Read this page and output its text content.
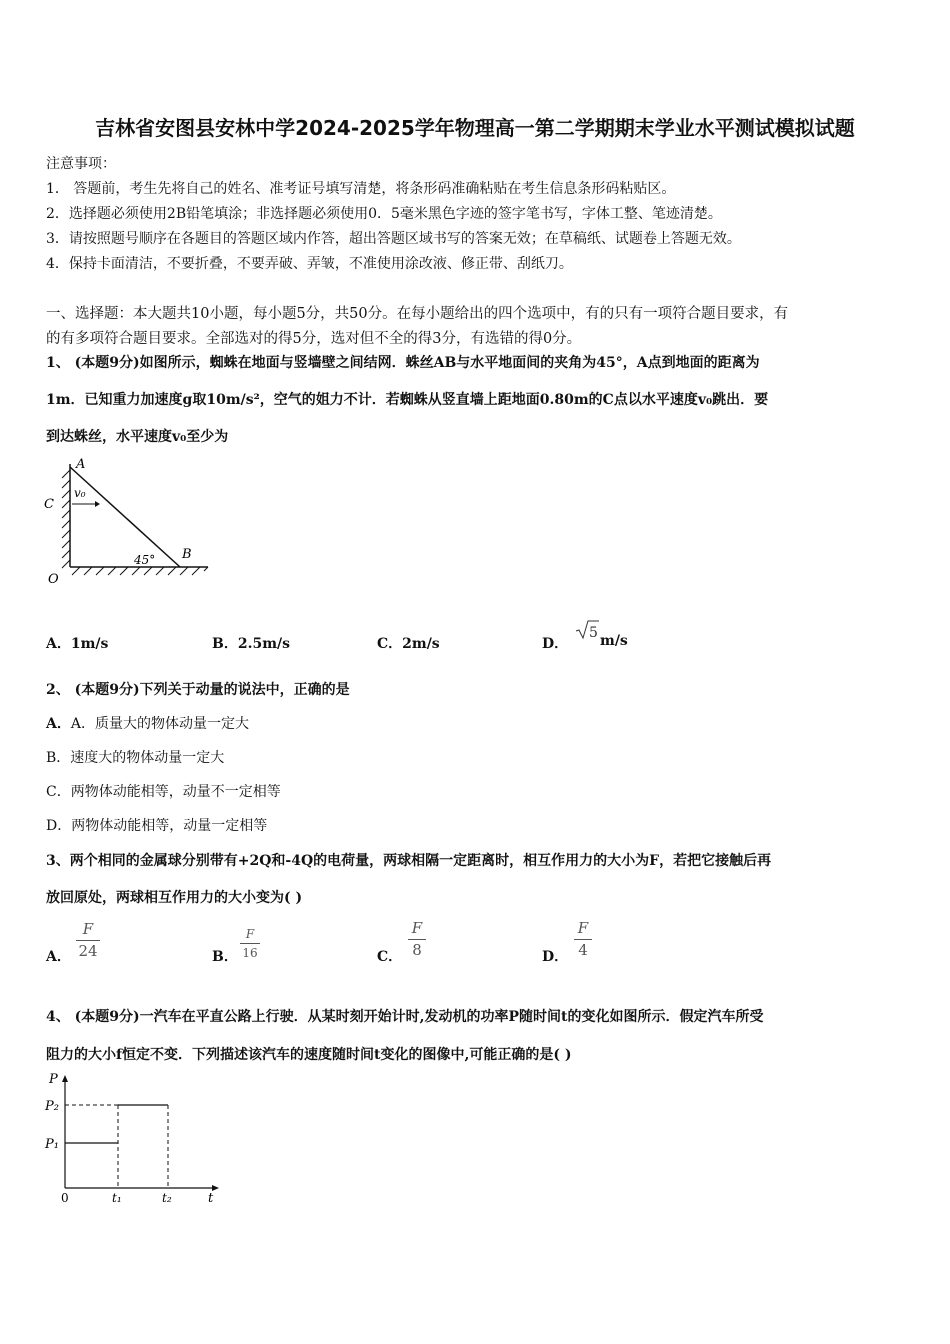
吉林省安图县安林中学2024-2025学年物理高一第二学期期末学业水平测试模拟试题
注意事项：
1． 答题前，考生先将自己的姓名、准考证号填写清楚，将条形码准确粘贴在考生信息条形码粘贴区。
2．选择题必须使用2B铅笔填涂；非选择题必须使用0．5毫米黑色字迹的签字笔书写，字体工整、笔迹清楚。
3．请按照题号顺序在各题目的答题区域内作答，超出答题区域书写的答案无效；在草稿纸、试题卷上答题无效。
4．保持卡面清洁，不要折叠，不要弄破、弄皱，不准使用涂改液、修正带、刮纸刀。
一、选择题：本大题共10小题，每小题5分，共50分。在每小题给出的四个选项中，有的只有一项符合题目要求，有
的有多项符合题目要求。全部选对的得5分，选对但不全的得3分，有选错的得0分。
1、 (本题9分)如图所示，蜘蛛在地面与竖墙壁之间结网．蛛丝AB与水平地面间的夹角为45°，A点到地面的距离为
1m．已知重力加速度g取10m/s²，空气的姐力不计．若蜘蛛从竖直墙上距地面0.80m的C点以水平速度v₀跳出．要
到达蛛丝，水平速度v₀至少为
A
C
O
B
v₀
45°
A．1m/s	B．2.5m/s	C．2m/s	D．
5 m/s
2、 (本题9分)下列关于动量的说法中，正确的是
A．A．质量大的物体动量一定大
B．速度大的物体动量一定大
C．两物体动能相等，动量不一定相等
D．两物体动能相等，动量一定相等
3、两个相同的金属球分别带有+2Q和-4Q的电荷量，两球相隔一定距离时，相互作用力的大小为F，若把它接触后再
放回原处，两球相互作用力的大小变为( )
A．
F
24	B．
F
16	C．
F
8	D．
F
4
4、 (本题9分)一汽车在平直公路上行驶．从某时刻开始计时,发动机的功率P随时间t的变化如图所示．假定汽车所受
阻力的大小f恒定不变．下列描述该汽车的速度随时间t变化的图像中,可能正确的是( )
P
P₂
P₁
0	t₁	t₂	t
